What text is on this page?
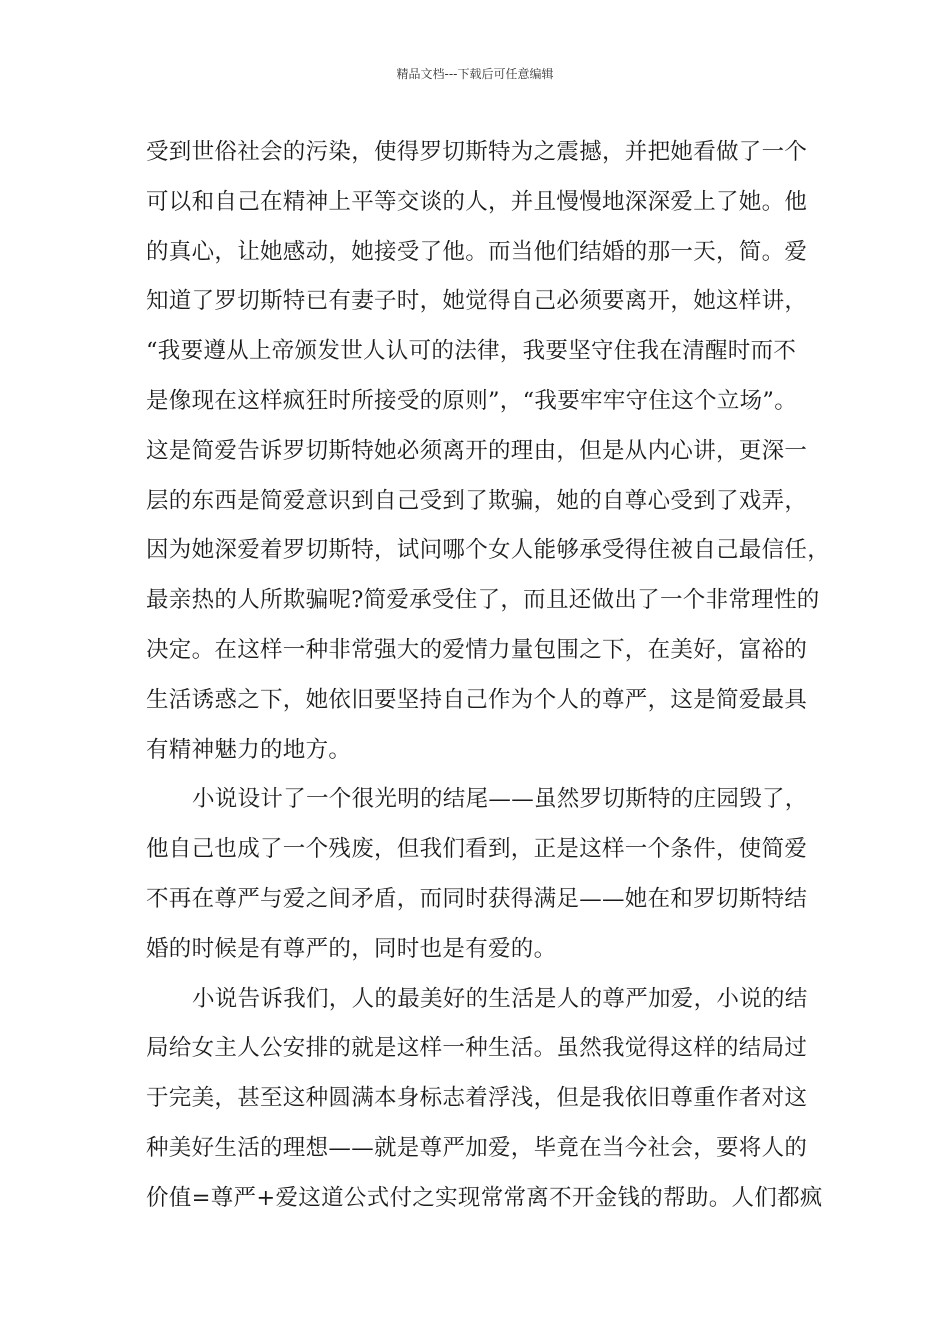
精品文档---下载后可任意编辑
受到世俗社会的污染，使得罗切斯特为之震撼，并把她看做了一个
可以和自己在精神上平等交谈的人，并且慢慢地深深爱上了她。他
的真心，让她感动，她接受了他。而当他们结婚的那一天，简。爱
知道了罗切斯特已有妻子时，她觉得自己必须要离开，她这样讲，
“我要遵从上帝颁发世人认可的法律，我要坚守住我在清醒时而不
是像现在这样疯狂时所接受的原则”，“我要牢牢守住这个立场”。
这是简爱告诉罗切斯特她必须离开的理由，但是从内心讲，更深一
层的东西是简爱意识到自己受到了欺骗，她的自尊心受到了戏弄，
因为她深爱着罗切斯特，试问哪个女人能够承受得住被自己最信任，
最亲热的人所欺骗呢?简爱承受住了，而且还做出了一个非常理性的
决定。在这样一种非常强大的爱情力量包围之下，在美好，富裕的
生活诱惑之下，她依旧要坚持自己作为个人的尊严，这是简爱最具
有精神魅力的地方。
小说设计了一个很光明的结尾——虽然罗切斯特的庄园毁了，
他自己也成了一个残废，但我们看到，正是这样一个条件，使简爱
不再在尊严与爱之间矛盾，而同时获得满足——她在和罗切斯特结
婚的时候是有尊严的，同时也是有爱的。
小说告诉我们，人的最美好的生活是人的尊严加爱，小说的结
局给女主人公安排的就是这样一种生活。虽然我觉得这样的结局过
于完美，甚至这种圆满本身标志着浮浅，但是我依旧尊重作者对这
种美好生活的理想——就是尊严加爱，毕竟在当今社会，要将人的
价值=尊严+爱这道公式付之实现常常离不开金钱的帮助。人们都疯
